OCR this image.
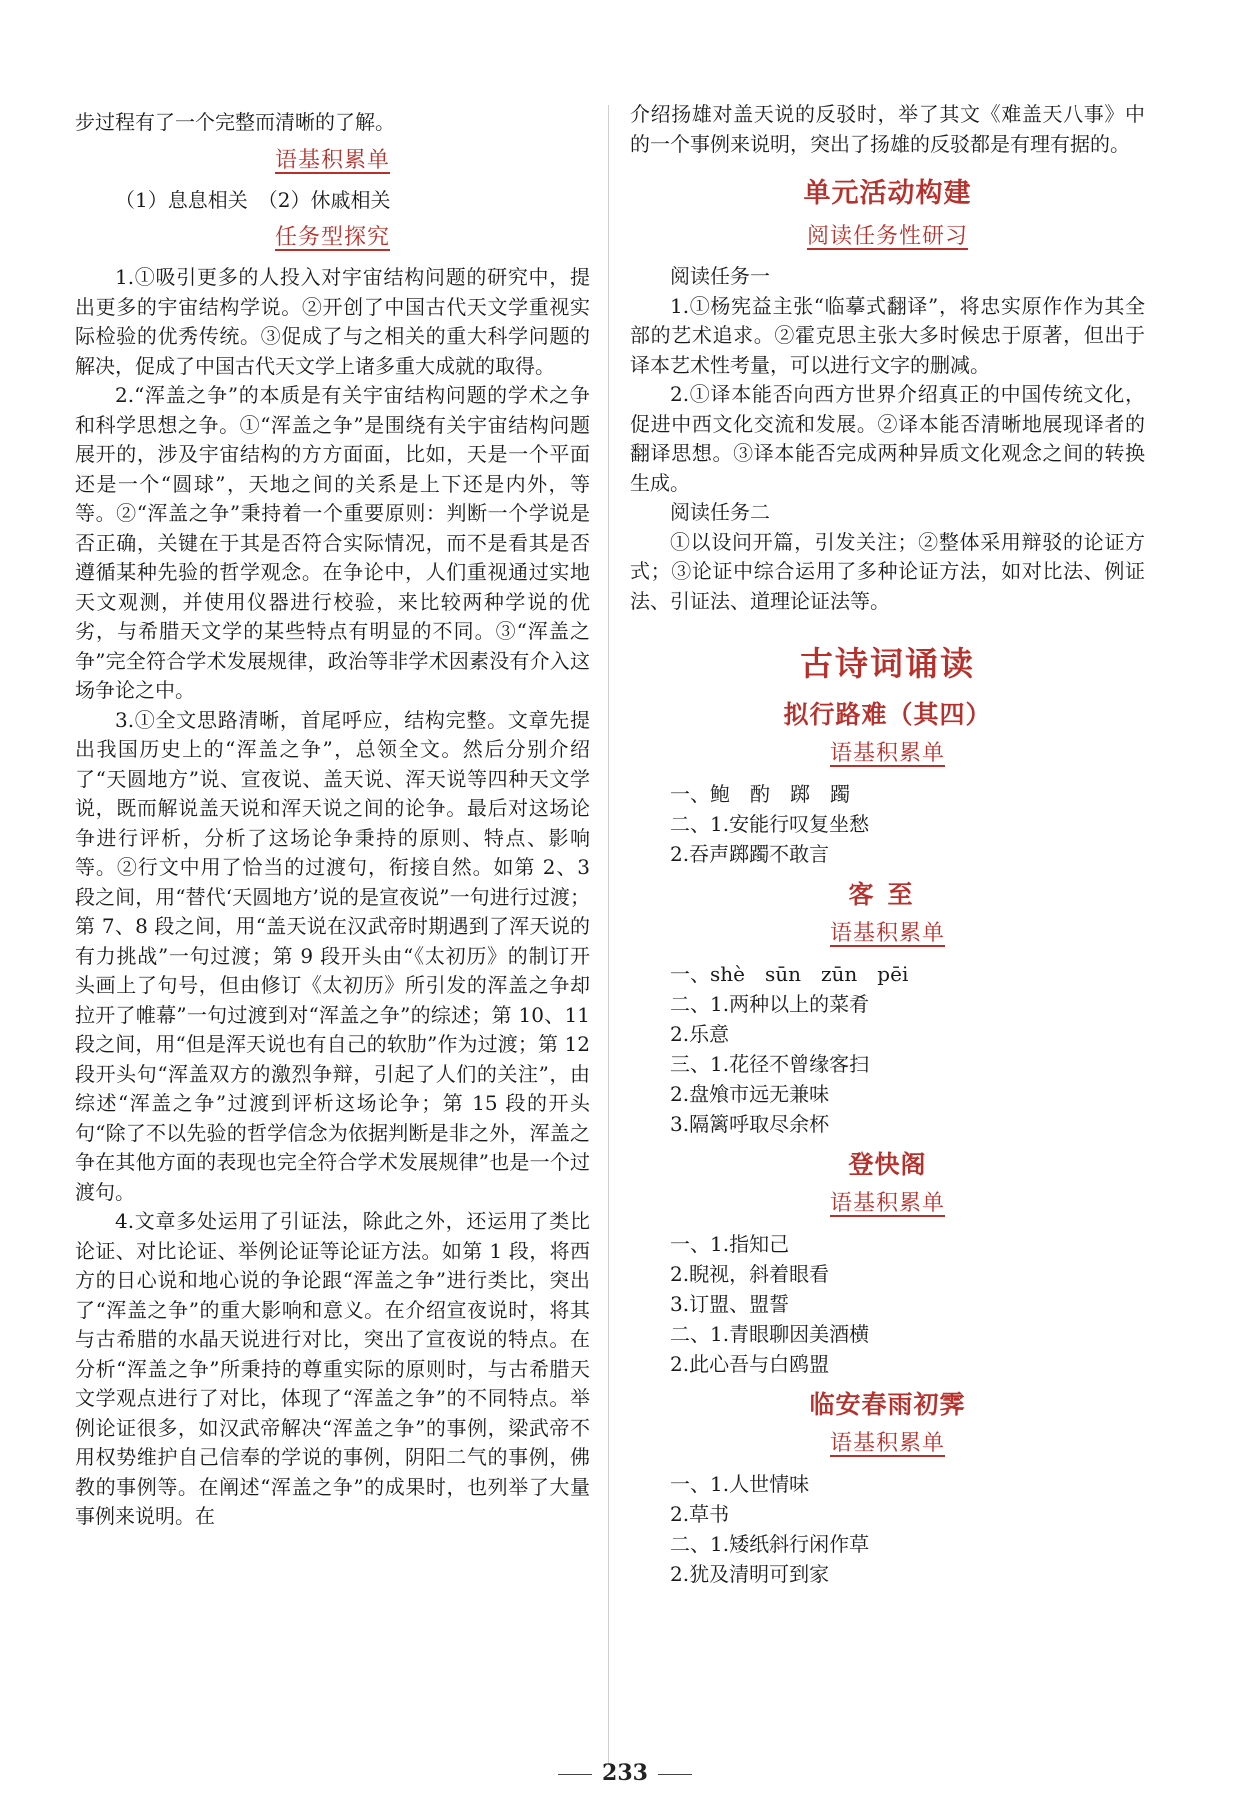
步过程有了一个完整而清晰的了解。

语基积累单

（1）息息相关　（2）休戚相关

任务型探究

1.①吸引更多的人投入对宇宙结构问题的研究中，提出更多的宇宙结构学说。②开创了中国古代天文学重视实际检验的优秀传统。③促成了与之相关的重大科学问题的解决，促成了中国古代天文学上诸多重大成就的取得。

2.“浑盖之争”的本质是有关宇宙结构问题的学术之争和科学思想之争。①“浑盖之争”是围绕有关宇宙结构问题展开的，涉及宇宙结构的方方面面，比如，天是一个平面还是一个“圆球”，天地之间的关系是上下还是内外，等等。②“浑盖之争”秉持着一个重要原则：判断一个学说是否正确，关键在于其是否符合实际情况，而不是看其是否遵循某种先验的哲学观念。在争论中，人们重视通过实地天文观测，并使用仪器进行校验，来比较两种学说的优劣，与希腊天文学的某些特点有明显的不同。③“浑盖之争”完全符合学术发展规律，政治等非学术因素没有介入这场争论之中。

3.①全文思路清晰，首尾呼应，结构完整。文章先提出我国历史上的“浑盖之争”，总领全文。然后分别介绍了“天圆地方”说、宣夜说、盖天说、浑天说等四种天文学说，既而解说盖天说和浑天说之间的论争。最后对这场论争进行评析，分析了这场论争秉持的原则、特点、影响等。②行文中用了恰当的过渡句，衔接自然。如第 2、3 段之间，用“替代‘天圆地方’说的是宣夜说”一句进行过渡；第 7、8 段之间，用“盖天说在汉武帝时期遇到了浑天说的有力挑战”一句过渡；第 9 段开头由“《太初历》的制订开头画上了句号，但由修订《太初历》所引发的浑盖之争却拉开了帷幕”一句过渡到对“浑盖之争”的综述；第 10、11 段之间，用“但是浑天说也有自己的软肋”作为过渡；第 12 段开头句“浑盖双方的激烈争辩，引起了人们的关注”，由综述“浑盖之争”过渡到评析这场论争；第 15 段的开头句“除了不以先验的哲学信念为依据判断是非之外，浑盖之争在其他方面的表现也完全符合学术发展规律”也是一个过渡句。

4.文章多处运用了引证法，除此之外，还运用了类比论证、对比论证、举例论证等论证方法。如第 1 段，将西方的日心说和地心说的争论跟“浑盖之争”进行类比，突出了“浑盖之争”的重大影响和意义。在介绍宣夜说时，将其与古希腊的水晶天说进行对比，突出了宣夜说的特点。在分析“浑盖之争”所秉持的尊重实际的原则时，与古希腊天文学观点进行了对比，体现了“浑盖之争”的不同特点。举例论证很多，如汉武帝解决“浑盖之争”的事例，梁武帝不用权势维护自己信奉的学说的事例，阴阳二气的事例，佛教的事例等。在阐述“浑盖之争”的成果时，也列举了大量事例来说明。在

介绍扬雄对盖天说的反驳时，举了其文《难盖天八事》中的一个事例来说明，突出了扬雄的反驳都是有理有据的。

单元活动构建
阅读任务性研习

阅读任务一

1.①杨宪益主张“临摹式翻译”，将忠实原作作为其全部的艺术追求。②霍克思主张大多时候忠于原著，但出于译本艺术性考量，可以进行文字的删减。

2.①译本能否向西方世界介绍真正的中国传统文化，促进中西文化交流和发展。②译本能否清晰地展现译者的翻译思想。③译本能否完成两种异质文化观念之间的转换生成。

阅读任务二

①以设问开篇，引发关注；②整体采用辩驳的论证方式；③论证中综合运用了多种论证方法，如对比法、例证法、引证法、道理论证法等。

古诗词诵读
拟行路难（其四）
语基积累单

一、鲍　酌　踯　躅

二、1.安能行叹复坐愁

2.吞声踯躅不敢言

客至
语基积累单

一、shè　sūn　zūn　pēi

二、1.两种以上的菜肴

2.乐意

三、1.花径不曾缘客扫

2.盘飧市远无兼味

3.隔篱呼取尽余杯

登快阁
语基积累单

一、1.指知己

2.睨视，斜着眼看

3.订盟、盟誓

二、1.青眼聊因美酒横

2.此心吾与白鸥盟

临安春雨初霁
语基积累单

一、1.人世情味

2.草书

二、1.矮纸斜行闲作草

2.犹及清明可到家

233
